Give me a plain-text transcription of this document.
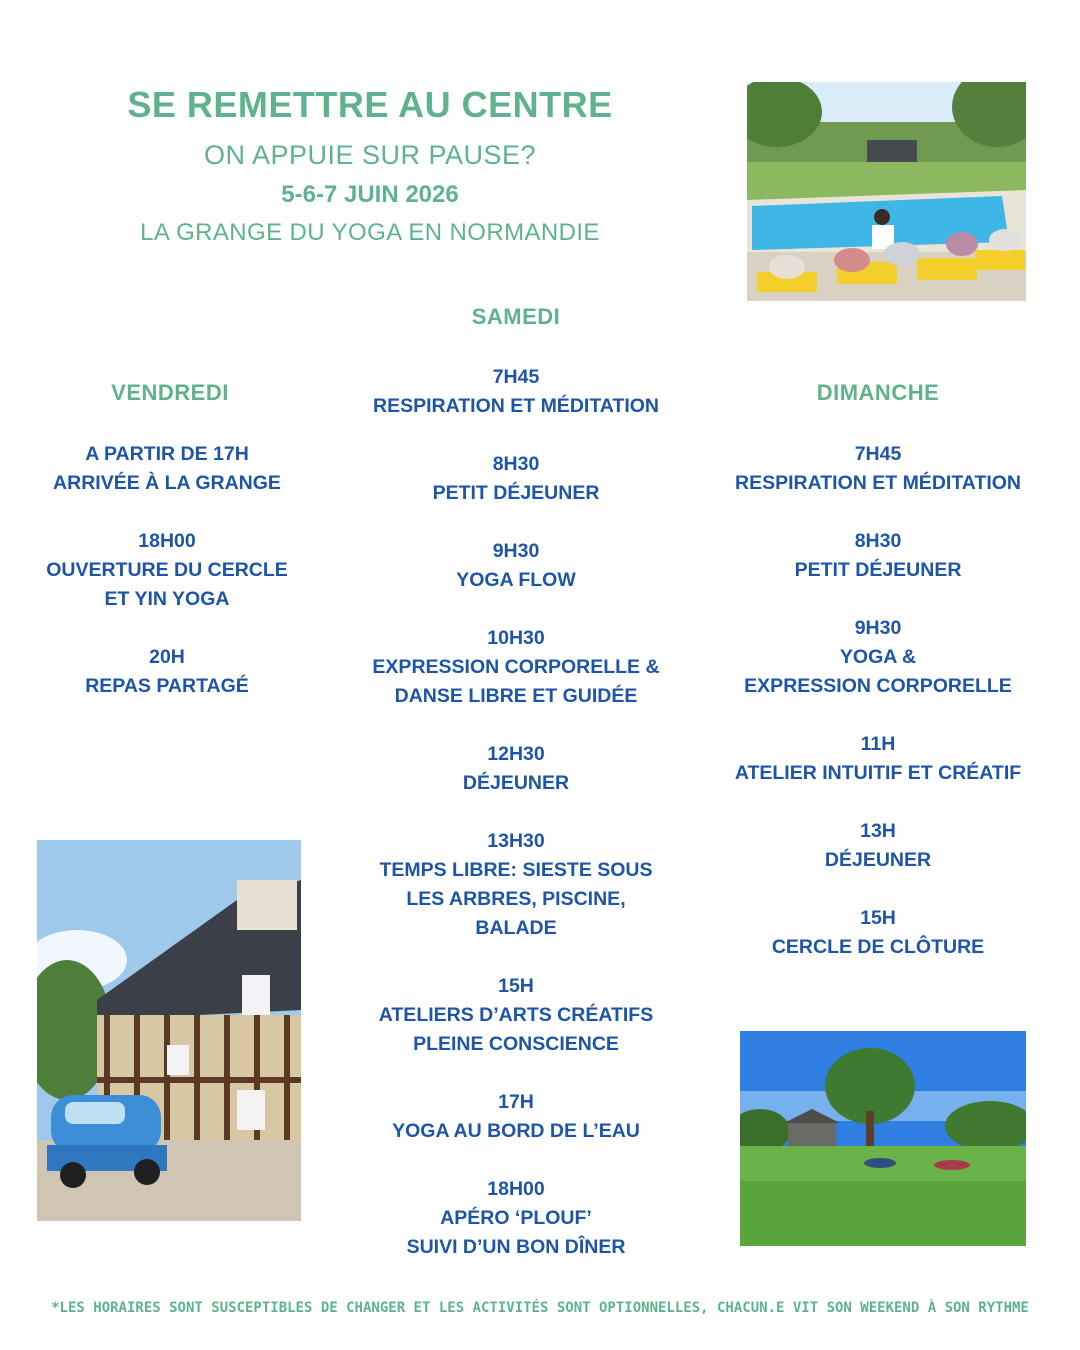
SE REMETTRE AU CENTRE
ON APPUIE SUR PAUSE?
5-6-7 JUIN 2026
LA GRANGE DU YOGA EN NORMANDIE
VENDREDI
SAMEDI
DIMANCHE
A PARTIR DE 17H
ARRIVÉE À LA GRANGE
18H00
OUVERTURE DU CERCLE
ET YIN YOGA
20H
REPAS PARTAGÉ
7H45
RESPIRATION ET MÉDITATION
8H30
PETIT DÉJEUNER
9H30
YOGA FLOW
10H30
EXPRESSION CORPORELLE &
DANSE LIBRE ET GUIDÉE
12H30
DÉJEUNER
13H30
TEMPS LIBRE: SIESTE SOUS
LES ARBRES, PISCINE,
BALADE
15H
ATELIERS D’ARTS CRÉATIFS
PLEINE CONSCIENCE
17H
YOGA AU BORD DE L’EAU
18H00
APÉRO ‘PLOUF’
SUIVI D’UN BON DÎNER
7H45
RESPIRATION ET MÉDITATION
8H30
PETIT DÉJEUNER
9H30
YOGA &
EXPRESSION CORPORELLE
11H
ATELIER INTUITIF ET CRÉATIF
13H
DÉJEUNER
15H
CERCLE DE CLÔTURE
*LES HORAIRES SONT SUSCEPTIBLES DE CHANGER ET LES ACTIVITÉS SONT OPTIONNELLES, CHACUN.E VIT SON WEEKEND À SON RYTHME
